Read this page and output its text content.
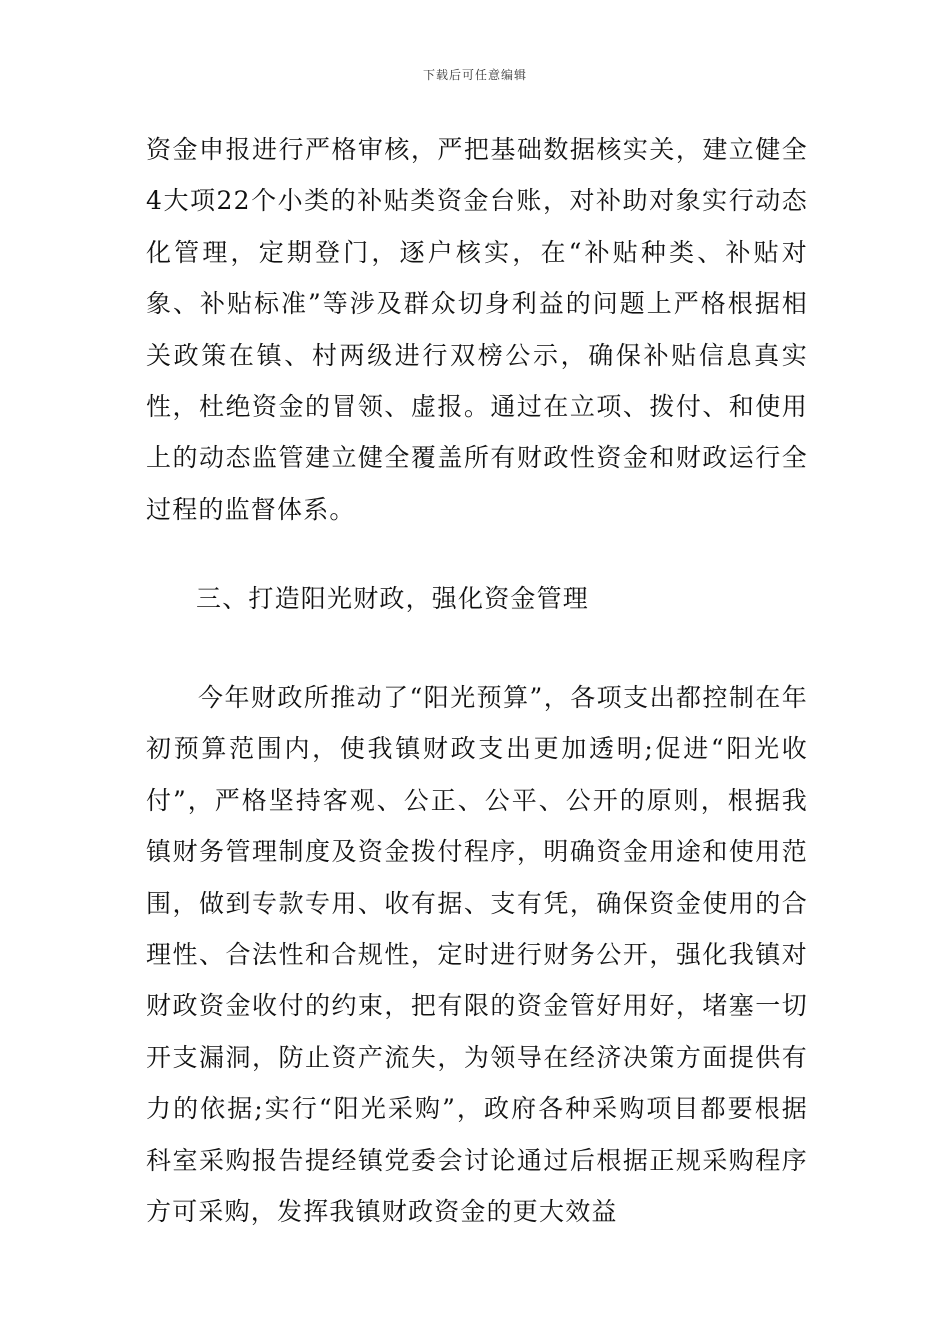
下载后可任意编辑
资金申报进行严格审核，严把基础数据核实关，建立健全4大项22个小类的补贴类资金台账，对补助对象实行动态化管理，定期登门，逐户核实，在“补贴种类、补贴对象、补贴标准”等涉及群众切身利益的问题上严格根据相关政策在镇、村两级进行双榜公示，确保补贴信息真实性，杜绝资金的冒领、虚报。通过在立项、拨付、和使用上的动态监管建立健全覆盖所有财政性资金和财政运行全过程的监督体系。
三、打造阳光财政，强化资金管理
今年财政所推动了“阳光预算”，各项支出都控制在年初预算范围内，使我镇财政支出更加透明;促进“阳光收付”，严格坚持客观、公正、公平、公开的原则，根据我镇财务管理制度及资金拨付程序，明确资金用途和使用范围，做到专款专用、收有据、支有凭，确保资金使用的合理性、合法性和合规性，定时进行财务公开，强化我镇对财政资金收付的约束，把有限的资金管好用好，堵塞一切开支漏洞，防止资产流失，为领导在经济决策方面提供有力的依据;实行“阳光采购”，政府各种采购项目都要根据科室采购报告提经镇党委会讨论通过后根据正规采购程序方可采购，发挥我镇财政资金的更大效益
